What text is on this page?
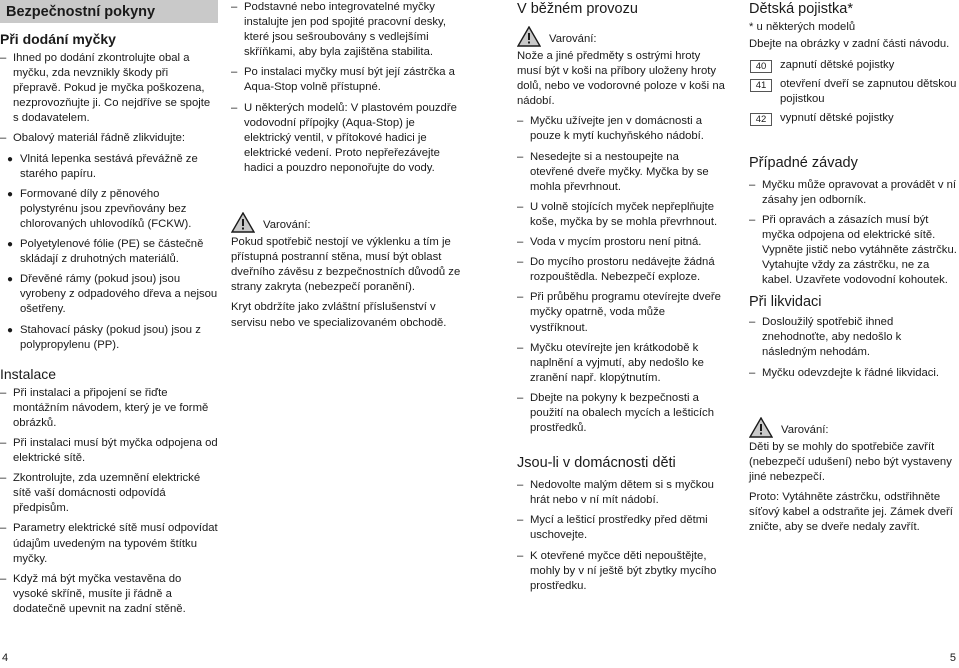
Bezpečnostní pokyny
Při dodání myčky
– Ihned po dodání zkontrolujte obal a myčku, zda nevznikly škody při přepravě. Pokud je myčka poškozena, nezprovozňujte ji. Co nejdříve se spojte s dodavatelem.
– Obalový materiál řádně zlikvidujte:
● Vlnitá lepenka sestává převážně ze starého papíru.
● Formované díly z pěnového polystyrénu jsou zpevňovány bez chlorovaných uhlovodíků (FCKW).
● Polyetylenové fólie (PE) se částečně skládají z druhotných materiálů.
● Dřevěné rámy (pokud jsou) jsou vyrobeny z odpadového dřeva a nejsou ošetřeny.
● Stahovací pásky (pokud jsou) jsou z polypropylenu (PP).
Instalace
– Při instalaci a připojení se řiďte montážním návodem, který je ve formě obrázků.
– Při instalaci musí být myčka odpojena od elektrické sítě.
– Zkontrolujte, zda uzemnění elektrické sítě vaší domácnosti odpovídá předpisům.
– Parametry elektrické sítě musí odpovídat údajům uvedeným na typovém štítku myčky.
– Když má být myčka vestavěna do vysoké skříně, musíte ji řádně a dodatečně upevnit na zadní stěně.
– Podstavné nebo integrovatelné myčky instalujte jen pod spojité pracovní desky, které jsou sešroubovány s vedlejšími skříňkami, aby byla zajištěna stabilita.
– Po instalaci myčky musí být její zástrčka a Aqua-Stop volně přístupné.
– U některých modelů: V plastovém pouzdře vodovodní přípojky (Aqua-Stop) je elektrický ventil, v přítokové hadici je elektrické vedení. Proto nepřeřezávejte hadici a pouzdro neponořujte do vody.
Varování:

Pokud spotřebič nestojí ve výklenku a tím je přístupná postranní stěna, musí být oblast dveřního závěsu z bezpečnostních důvodů ze strany zakryta (nebezpečí poranění).

Kryt obdržíte jako zvláštní příslušenství v servisu nebo ve specializovaném obchodě.

V běžném provozu
Varování:

Nože a jiné předměty s ostrými hroty musí být v koši na příbory uloženy hroty dolů, nebo ve vodorovné poloze v koši na nádobí.

– Myčku užívejte jen v domácnosti a pouze k mytí kuchyňského nádobí.
– Nesedejte si a nestoupejte na otevřené dveře myčky. Myčka by se mohla převrhnout.
– U volně stojících myček nepřeplňujte koše, myčka by se mohla převrhnout.
– Voda v mycím prostoru není pitná.
– Do mycího prostoru nedávejte žádná rozpouštědla. Nebezpečí exploze.
– Při průběhu programu otevírejte dveře myčky opatrně, voda může vystříknout.
– Myčku otevírejte jen krátkodobě k naplnění a vyjmutí, aby nedošlo ke zranění např. klopýtnutím.
– Dbejte na pokyny k bezpečnosti a použití na obalech mycích a lešticích prostředků.
Jsou-li v domácnosti děti
– Nedovolte malým dětem si s myčkou hrát nebo v ní mít nádobí.
– Mycí a lešticí prostředky před dětmi uschovejte.
– K otevřené myčce děti nepouštějte, mohly by v ní ještě být zbytky mycího prostředku.
Dětská pojistka*

* u některých modelů

Dbejte na obrázky v zadní části návodu.

40	zapnutí dětské pojistky
41	otevření dveří se zapnutou dětskou pojistkou
42	vypnutí dětské pojistky
Případné závady
– Myčku může opravovat a provádět v ní zásahy jen odborník.
– Při opravách a zásazích musí být myčka odpojena od elektrické sítě. Vypněte jistič nebo vytáhněte zástrčku. Vytahujte vždy za zástrčku, ne za kabel. Uzavřete vodovodní kohoutek.
Při likvidaci
– Dosloužilý spotřebič ihned znehodnoťte, aby nedošlo k následným nehodám.
– Myčku odevzdejte k řádné likvidaci.
Varování:

Děti by se mohly do spotřebiče zavřít (nebezpečí udušení) nebo být vystaveny jiné nebezpečí.

Proto: Vytáhněte zástrčku, odstřihněte síťový kabel a odstraňte jej. Zámek dveří zničte, aby se dveře nedaly zavřít.

4	5
